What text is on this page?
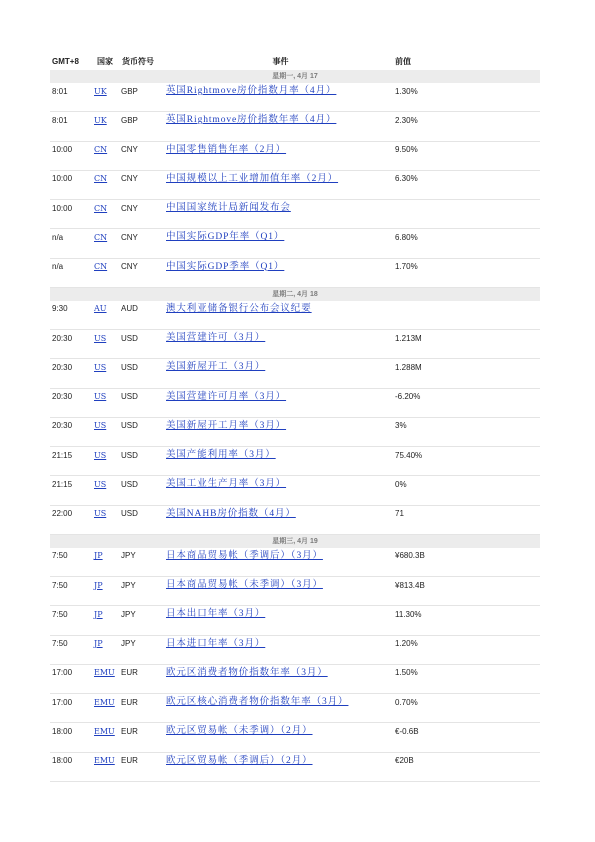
GMT+8 国家 货币符号	事件	前值
星期一, 4月 17
8:01	UK GBP	英国Rightmove房价指数月率（4月）	1.30%
8:01	UK GBP	英国Rightmove房价指数年率（4月）	2.30%
10:00	CN CNY	中国零售销售年率（2月）	9.50%
10:00	CN CNY	中国规模以上工业增加值年率（2月）	6.30%
10:00	CN CNY	中国国家统计局新闻发布会
n/a	CN CNY	中国实际GDP年率（Q1）	6.80%
n/a	CN CNY	中国实际GDP季率（Q1）	1.70%
星期二, 4月 18
9:30	AU AUD	澳大利亚储备银行公布会议纪要
20:30	US USD	美国营建许可（3月）	1.213M
20:30	US USD	美国新屋开工（3月）	1.288M
20:30	US USD	美国营建许可月率（3月）	-6.20%
20:30	US USD	美国新屋开工月率（3月）	3%
21:15	US USD	美国产能利用率（3月）	75.40%
21:15	US USD	美国工业生产月率（3月）	0%
22:00	US USD	美国NAHB房价指数（4月）	71
星期三, 4月 19
7:50	JP JPY	日本商品贸易帐（季调后）（3月）	¥680.3B
7:50	JP JPY	日本商品贸易帐（未季调）（3月）	¥813.4B
7:50	JP JPY	日本出口年率（3月）	11.30%
7:50	JP JPY	日本进口年率（3月）	1.20%
17:00	EMU EUR	欧元区消费者物价指数年率（3月）	1.50%
17:00	EMU EUR	欧元区核心消费者物价指数年率（3月）	0.70%
18:00	EMU EUR	欧元区贸易帐（未季调）（2月）	€-0.6B
18:00	EMU EUR	欧元区贸易帐（季调后）（2月）	€20B
